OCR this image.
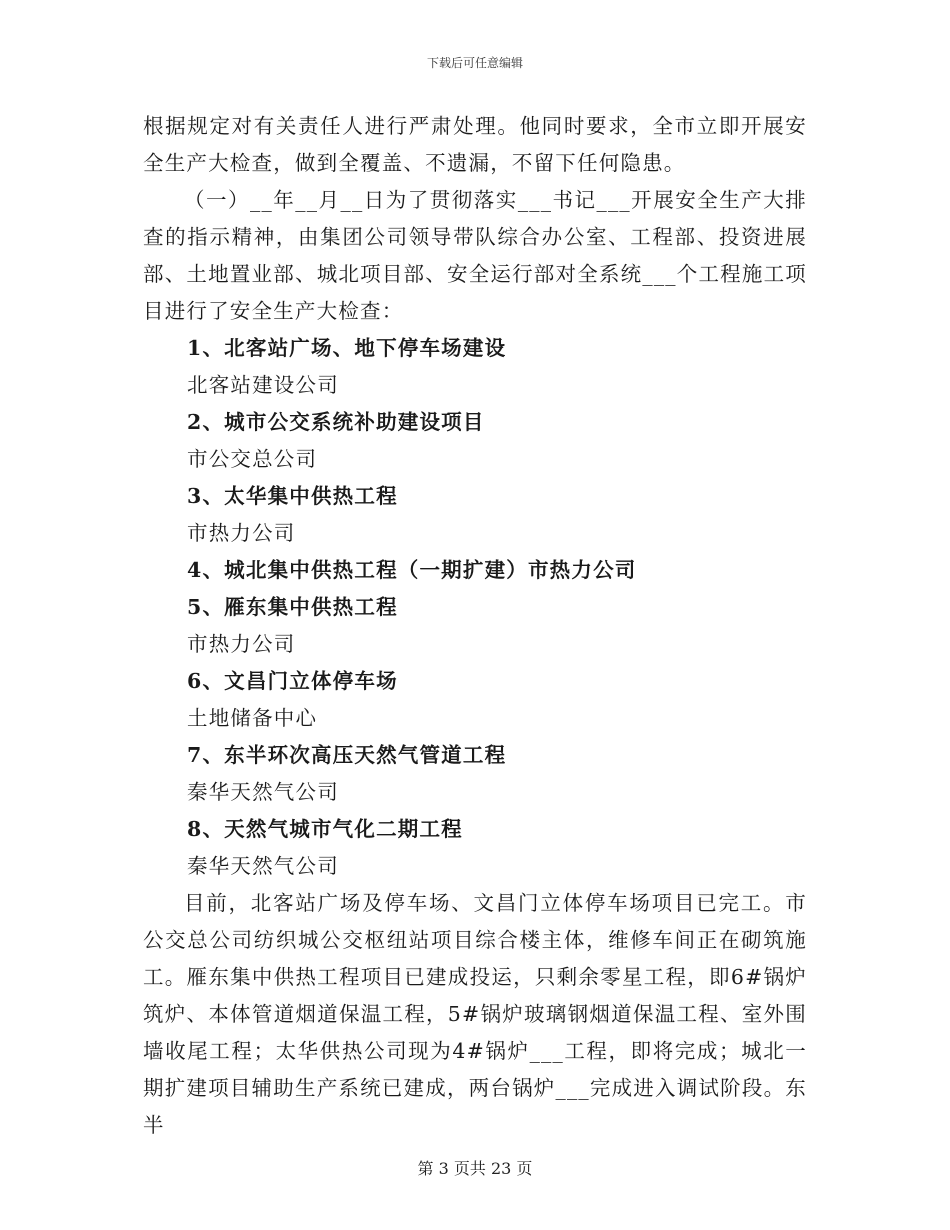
下载后可任意编辑

根据规定对有关责任人进行严肃处理。他同时要求，全市立即开展安全生产大检查，做到全覆盖、不遗漏，不留下任何隐患。

（一）__年__月__日为了贯彻落实___书记___开展安全生产大排查的指示精神，由集团公司领导带队综合办公室、工程部、投资进展部、土地置业部、城北项目部、安全运行部对全系统___个工程施工项目进行了安全生产大检查：

1、北客站广场、地下停车场建设

北客站建设公司

2、城市公交系统补助建设项目

市公交总公司

3、太华集中供热工程

市热力公司

4、城北集中供热工程（一期扩建）市热力公司

5、雁东集中供热工程

市热力公司

6、文昌门立体停车场

土地储备中心

7、东半环次高压天然气管道工程

秦华天然气公司

8、天然气城市气化二期工程

秦华天然气公司

目前，北客站广场及停车场、文昌门立体停车场项目已完工。市公交总公司纺织城公交枢纽站项目综合楼主体，维修车间正在砌筑施工。雁东集中供热工程项目已建成投运，只剩余零星工程，即6#锅炉筑炉、本体管道烟道保温工程，5#锅炉玻璃钢烟道保温工程、室外围墙收尾工程；太华供热公司现为4#锅炉___工程，即将完成；城北一期扩建项目辅助生产系统已建成，两台锅炉___完成进入调试阶段。东半

第 3 页共 23 页
